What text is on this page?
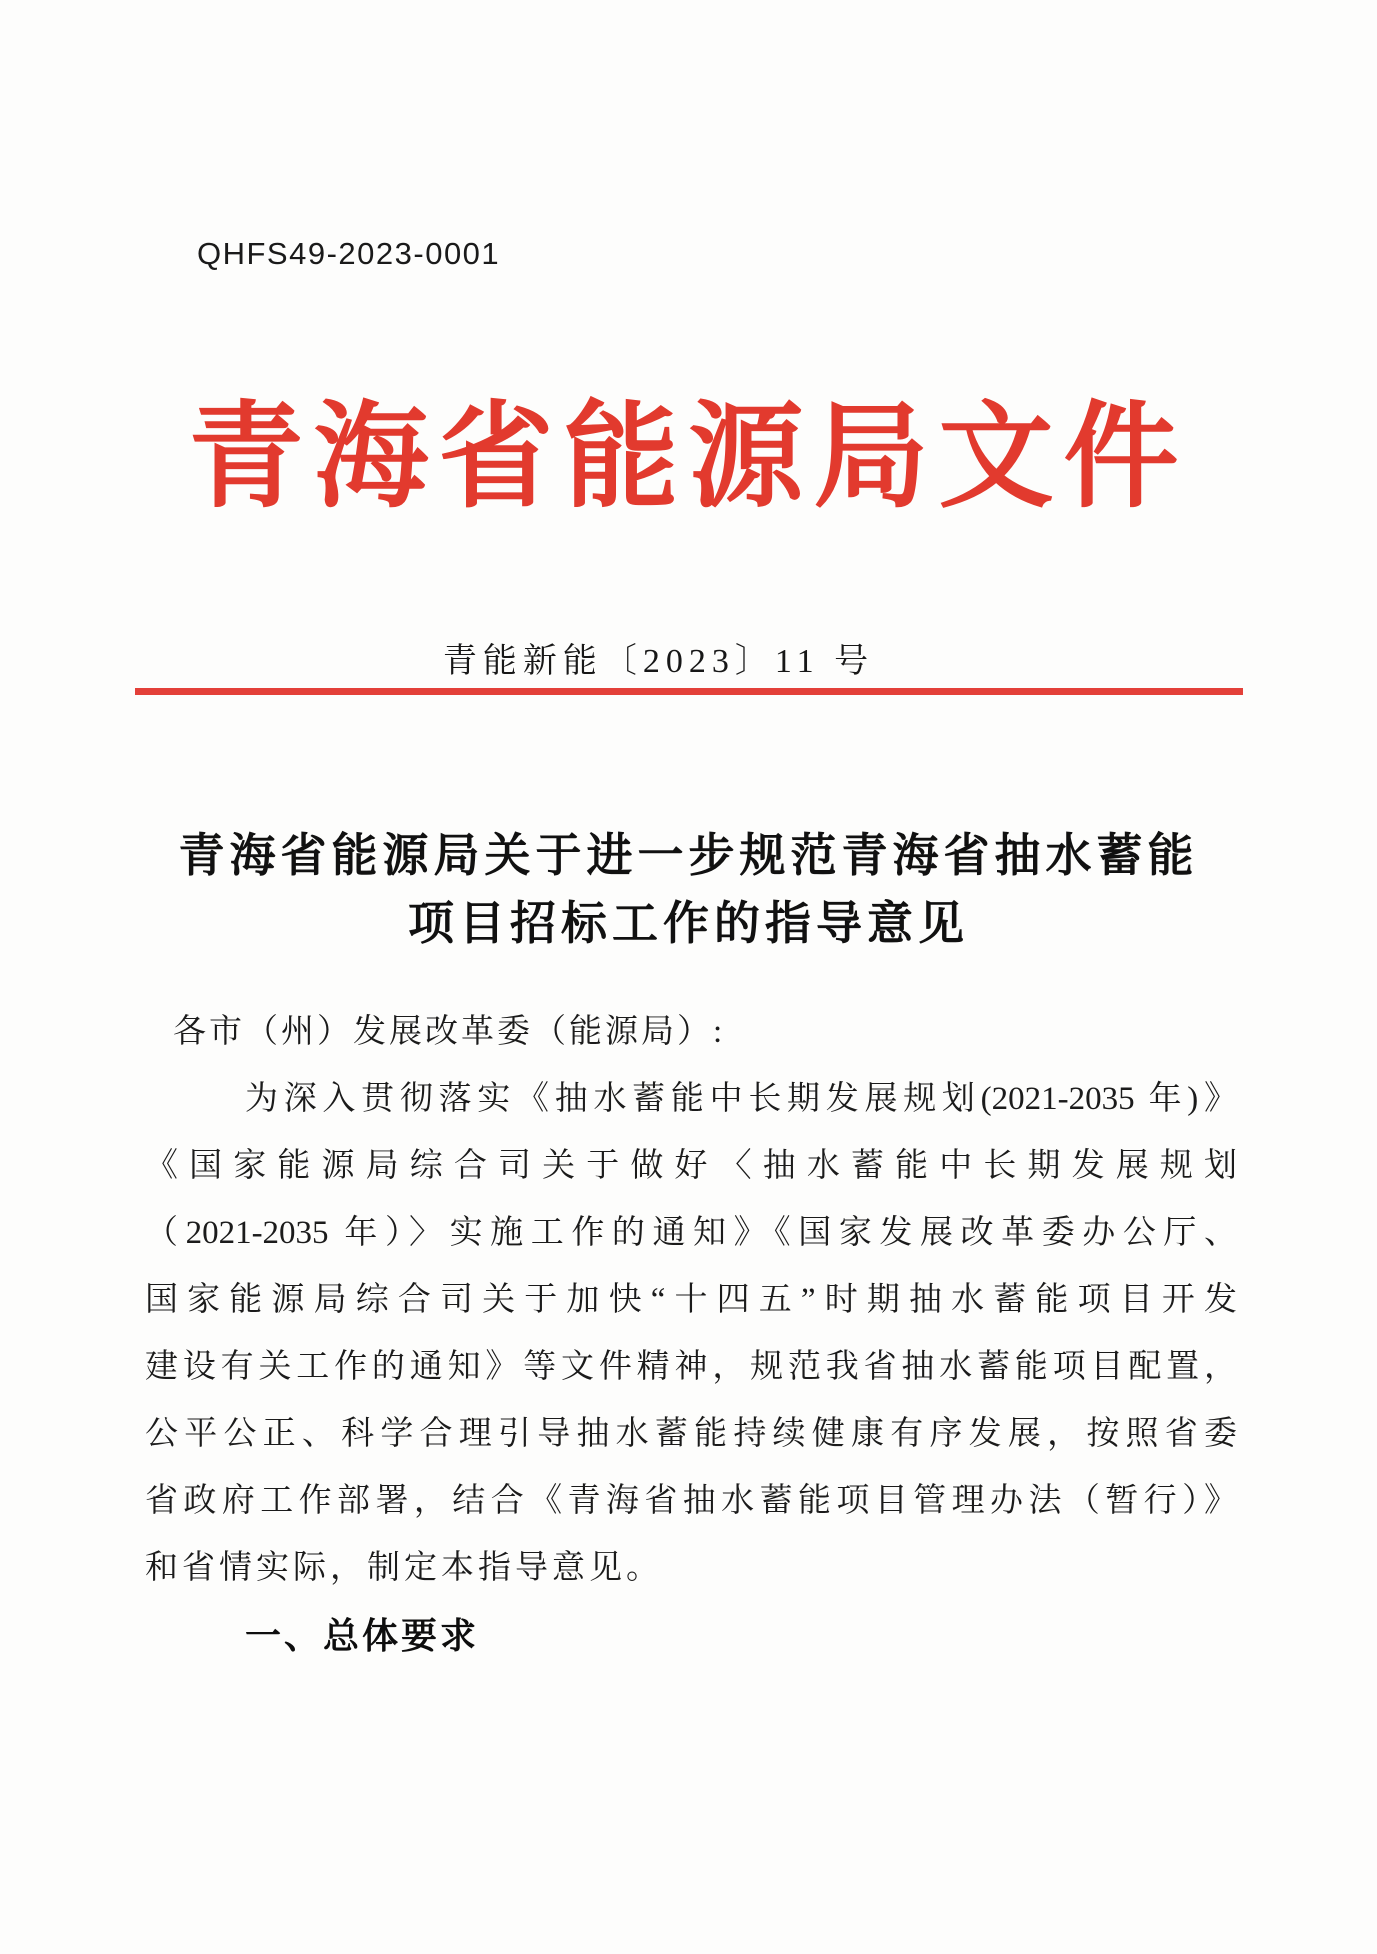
QHFS49-2023-0001
青海省能源局文件
青能新能〔2023〕11 号
青海省能源局关于进一步规范青海省抽水蓄能
项目招标工作的指导意见
各市（州）发展改革委（能源局）:
为深入贯彻落实《抽水蓄能中长期发展规划(2021-2035 年)》
《国家能源局综合司关于做好〈抽水蓄能中长期发展规划
（2021-2035 年）〉实施工作的通知》《国家发展改革委办公厅、
国家能源局综合司关于加快“十四五”时期抽水蓄能项目开发
建设有关工作的通知》等文件精神，规范我省抽水蓄能项目配置，
公平公正、科学合理引导抽水蓄能持续健康有序发展，按照省委
省政府工作部署，结合《青海省抽水蓄能项目管理办法（暂行）》
和省情实际，制定本指导意见。
一、总体要求
